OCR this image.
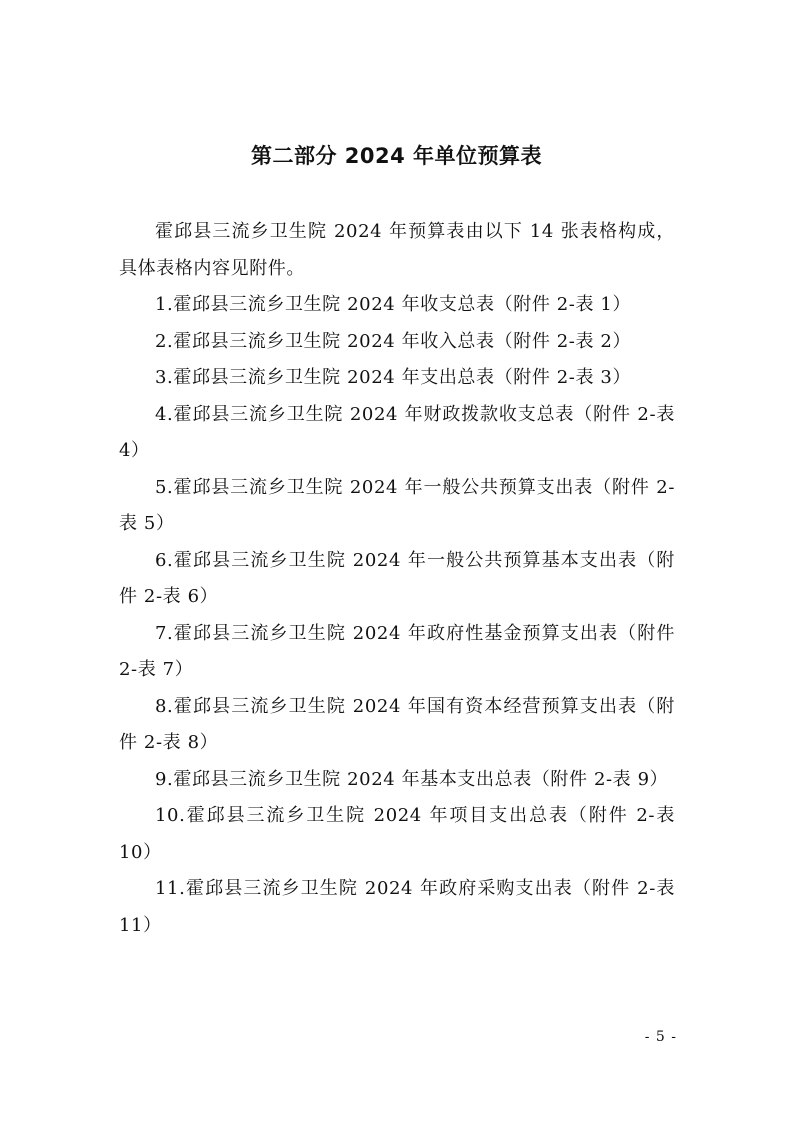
第二部分 2024 年单位预算表

霍邱县三流乡卫生院 2024 年预算表由以下 14 张表格构成，具体表格内容见附件。

1.霍邱县三流乡卫生院 2024 年收支总表（附件 2-表 1）

2.霍邱县三流乡卫生院 2024 年收入总表（附件 2-表 2）

3.霍邱县三流乡卫生院 2024 年支出总表（附件 2-表 3）

4.霍邱县三流乡卫生院 2024 年财政拨款收支总表（附件 2-表 4）

5.霍邱县三流乡卫生院 2024 年一般公共预算支出表（附件 2-表 5）

6.霍邱县三流乡卫生院 2024 年一般公共预算基本支出表（附件 2-表 6）

7.霍邱县三流乡卫生院 2024 年政府性基金预算支出表（附件 2-表 7）

8.霍邱县三流乡卫生院 2024 年国有资本经营预算支出表（附件 2-表 8）

9.霍邱县三流乡卫生院 2024 年基本支出总表（附件 2-表 9）

10.霍邱县三流乡卫生院 2024 年项目支出总表（附件 2-表 10）

11.霍邱县三流乡卫生院 2024 年政府采购支出表（附件 2-表 11）

- 5 -
